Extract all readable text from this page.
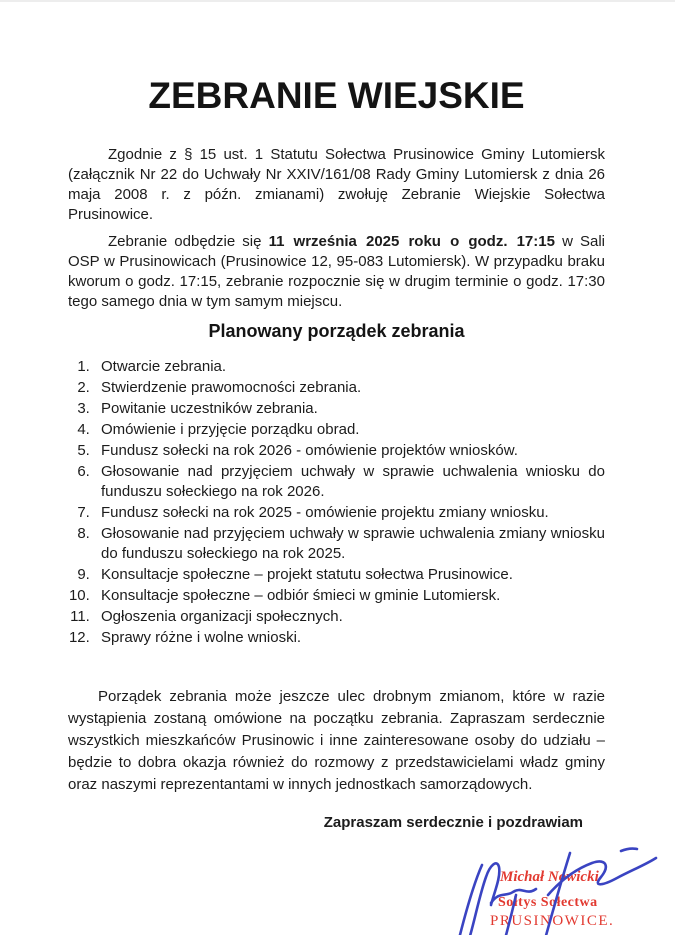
ZEBRANIE WIEJSKIE

Zgodnie z § 15 ust. 1 Statutu Sołectwa Prusinowice Gminy Lutomiersk (załącznik Nr 22 do Uchwały Nr XXIV/161/08 Rady Gminy Lutomiersk z dnia 26 maja 2008 r. z późn. zmianami) zwołuję Zebranie Wiejskie Sołectwa Prusinowice.

Zebranie odbędzie się 11 września 2025 roku o godz. 17:15 w Sali OSP w Prusinowicach (Prusinowice 12, 95-083 Lutomiersk). W przypadku braku kworum o godz. 17:15, zebranie rozpocznie się w drugim terminie o godz. 17:30 tego samego dnia w tym samym miejscu.

Planowany porządek zebrania
1. Otwarcie zebrania.
2. Stwierdzenie prawomocności zebrania.
3. Powitanie uczestników zebrania.
4. Omówienie i przyjęcie porządku obrad.
5. Fundusz sołecki na rok 2026 - omówienie projektów wniosków.
6. Głosowanie nad przyjęciem uchwały w sprawie uchwalenia wniosku do funduszu sołeckiego na rok 2026.
7. Fundusz sołecki na rok 2025 - omówienie projektu zmiany wniosku.
8. Głosowanie nad przyjęciem uchwały w sprawie uchwalenia zmiany wniosku do funduszu sołeckiego na rok 2025.
9. Konsultacje społeczne – projekt statutu sołectwa Prusinowice.
10. Konsultacje społeczne – odbiór śmieci w gminie Lutomiersk.
11. Ogłoszenia organizacji społecznych.
12. Sprawy różne i wolne wnioski.

Porządek zebrania może jeszcze ulec drobnym zmianom, które w razie wystąpienia zostaną omówione na początku zebrania. Zapraszam serdecznie wszystkich mieszkańców Prusinowic i inne zainteresowane osoby do udziału – będzie to dobra okazja również do rozmowy z przedstawicielami władz gminy oraz naszymi reprezentantami w innych jednostkach samorządowych.

Zapraszam serdecznie i pozdrawiam

Michał Nowicki
Sołtys Sołectwa
PRUSINOWICE.
